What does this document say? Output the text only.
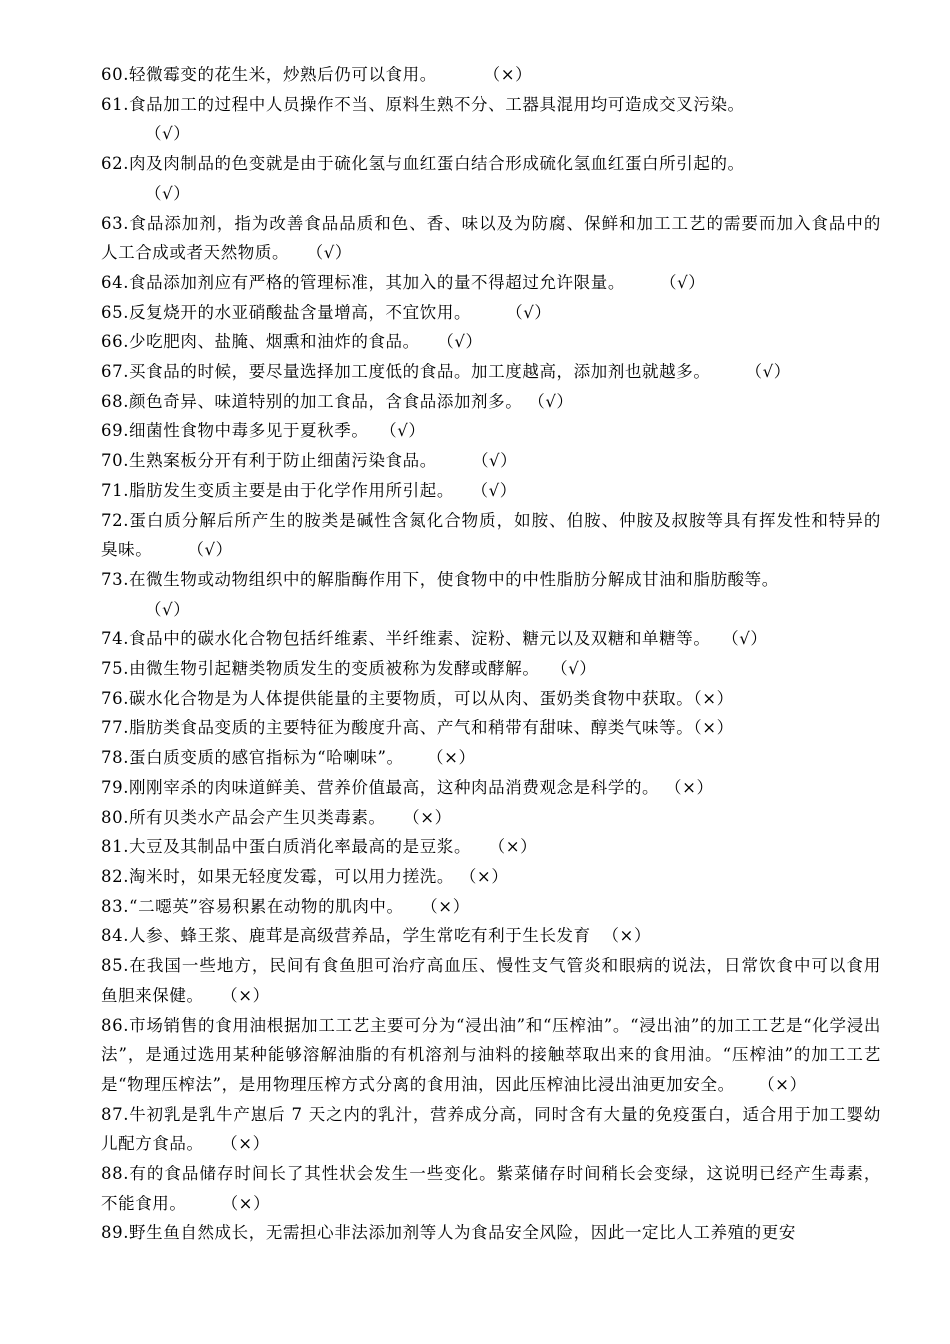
60.轻微霉变的花生米，炒熟后仍可以食用。	（×）

61.食品加工的过程中人员操作不当、原料生熟不分、工器具混用均可造成交叉污染。
（√）

62.肉及肉制品的色变就是由于硫化氢与血红蛋白结合形成硫化氢血红蛋白所引起的。
（√）

63.食品添加剂，指为改善食品品质和色、香、味以及为防腐、保鲜和加工工艺的需要而加入食品中的人工合成或者天然物质。 （√）

64.食品添加剂应有严格的管理标准，其加入的量不得超过允许限量。 （√）

65.反复烧开的水亚硝酸盐含量增高，不宜饮用。 （√）

66.少吃肥肉、盐腌、烟熏和油炸的食品。 （√）

67.买食品的时候，要尽量选择加工度低的食品。加工度越高，添加剂也就越多。 （√）

68.颜色奇异、味道特别的加工食品，含食品添加剂多。 （√）

69.细菌性食物中毒多见于夏秋季。 （√）

70.生熟案板分开有利于防止细菌污染食品。 （√）

71.脂肪发生变质主要是由于化学作用所引起。 （√）

72.蛋白质分解后所产生的胺类是碱性含氮化合物质，如胺、伯胺、仲胺及叔胺等具有挥发性和特异的臭味。 （√）

73.在微生物或动物组织中的解脂酶作用下，使食物中的中性脂肪分解成甘油和脂肪酸等。
（√）

74.食品中的碳水化合物包括纤维素、半纤维素、淀粉、糖元以及双糖和单糖等。 （√）

75.由微生物引起糖类物质发生的变质被称为发酵或酵解。 （√）

76.碳水化合物是为人体提供能量的主要物质，可以从肉、蛋奶类食物中获取。（×）

77.脂肪类食品变质的主要特征为酸度升高、产气和稍带有甜味、醇类气味等。（×）

78.蛋白质变质的感官指标为“哈喇味”。 （×）

79.刚刚宰杀的肉味道鲜美、营养价值最高，这种肉品消费观念是科学的。 （×）

80.所有贝类水产品会产生贝类毒素。 （×）

81.大豆及其制品中蛋白质消化率最高的是豆浆。 （×）

82.淘米时，如果无轻度发霉，可以用力搓洗。 （×）

83.“二噁英”容易积累在动物的肌肉中。 （×）

84.人参、蜂王浆、鹿茸是高级营养品，学生常吃有利于生长发育 （×）

85.在我国一些地方，民间有食鱼胆可治疗高血压、慢性支气管炎和眼病的说法，日常饮食中可以食用鱼胆来保健。 （×）

86.市场销售的食用油根据加工工艺主要可分为“浸出油”和“压榨油”。“浸出油”的加工工艺是“化学浸出法”，是通过选用某种能够溶解油脂的有机溶剂与油料的接触萃取出来的食用油。“压榨油”的加工工艺是“物理压榨法”，是用物理压榨方式分离的食用油，因此压榨油比浸出油更加安全。 （×）

87.牛初乳是乳牛产崽后 7 天之内的乳汁，营养成分高，同时含有大量的免疫蛋白，适合用于加工婴幼儿配方食品。 （×）

88.有的食品储存时间长了其性状会发生一些变化。紫菜储存时间稍长会变绿，这说明已经产生毒素，不能食用。 （×）

89.野生鱼自然成长，无需担心非法添加剂等人为食品安全风险，因此一定比人工养殖的更安
